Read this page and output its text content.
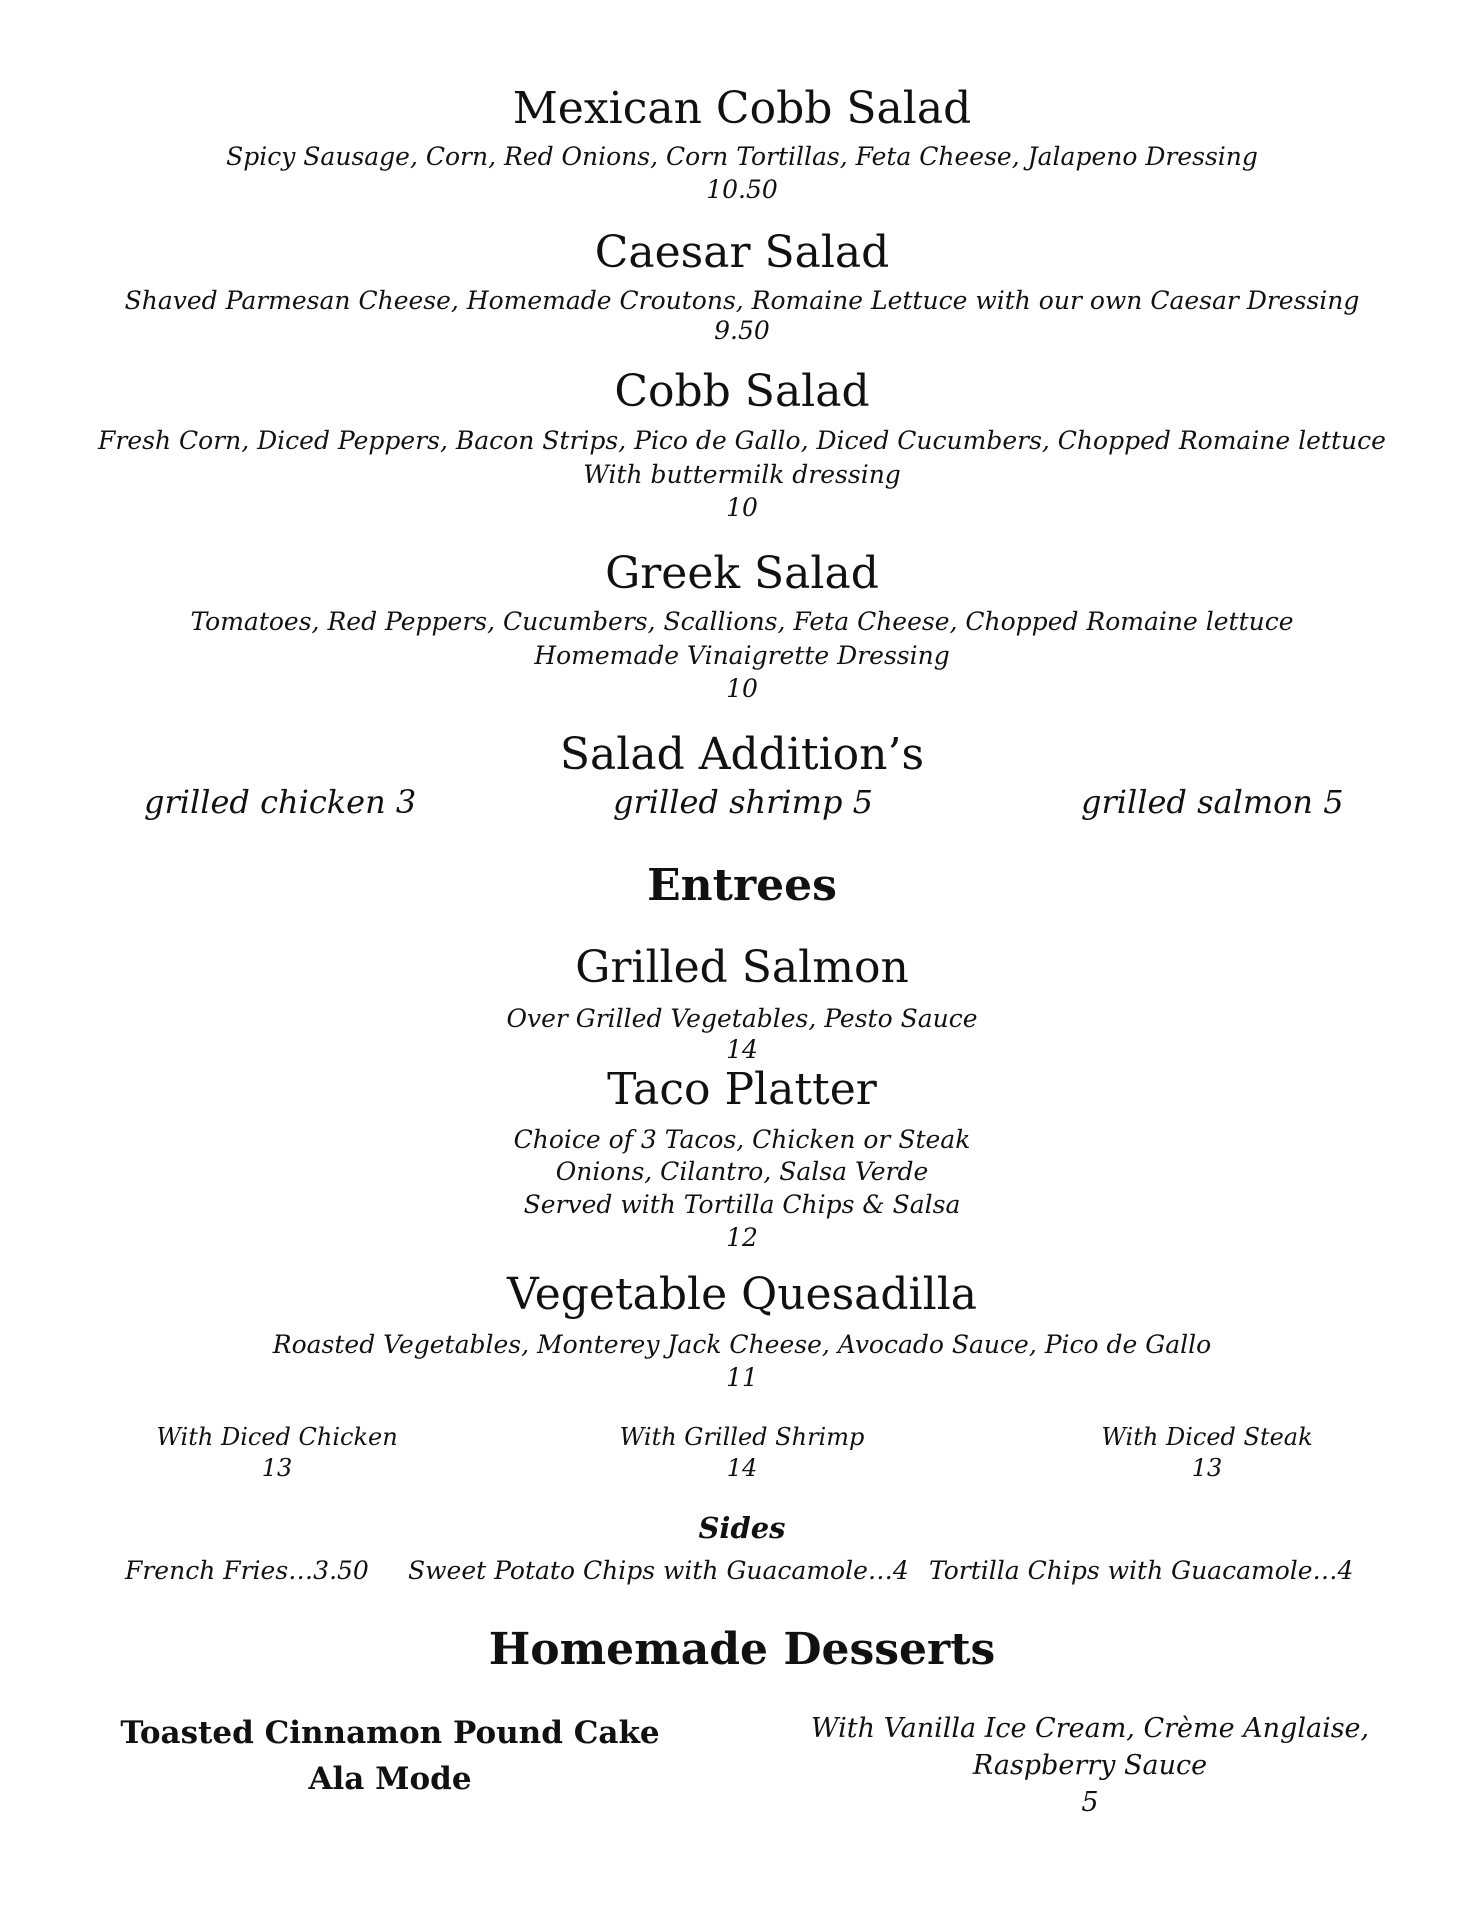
Mexican Cobb Salad
Spicy Sausage, Corn, Red Onions, Corn Tortillas, Feta Cheese, Jalapeno Dressing
10.50
Caesar Salad
Shaved Parmesan Cheese, Homemade Croutons, Romaine Lettuce with our own Caesar Dressing
9.50
Cobb Salad
Fresh Corn, Diced Peppers, Bacon Strips, Pico de Gallo, Diced Cucumbers, Chopped Romaine lettuce
With buttermilk dressing
10
Greek Salad
Tomatoes, Red Peppers, Cucumbers, Scallions, Feta Cheese, Chopped Romaine lettuce
Homemade Vinaigrette Dressing
10
Salad Addition’s
grilled chicken 3	grilled shrimp 5	grilled salmon 5
Entrees
Grilled Salmon
Over Grilled Vegetables, Pesto Sauce
14
Taco Platter
Choice of 3 Tacos, Chicken or Steak
Onions, Cilantro, Salsa Verde
Served with Tortilla Chips & Salsa
12
Vegetable Quesadilla
Roasted Vegetables, Monterey Jack Cheese, Avocado Sauce, Pico de Gallo
11
With Diced Chicken
13
With Grilled Shrimp
14
With Diced Steak
13
Sides
French Fries…3.50 Sweet Potato Chips with Guacamole…4 Tortilla Chips with Guacamole…4
Homemade Desserts
Toasted Cinnamon Pound Cake
Ala Mode
With Vanilla Ice Cream, Crème Anglaise,
Raspberry Sauce
5
